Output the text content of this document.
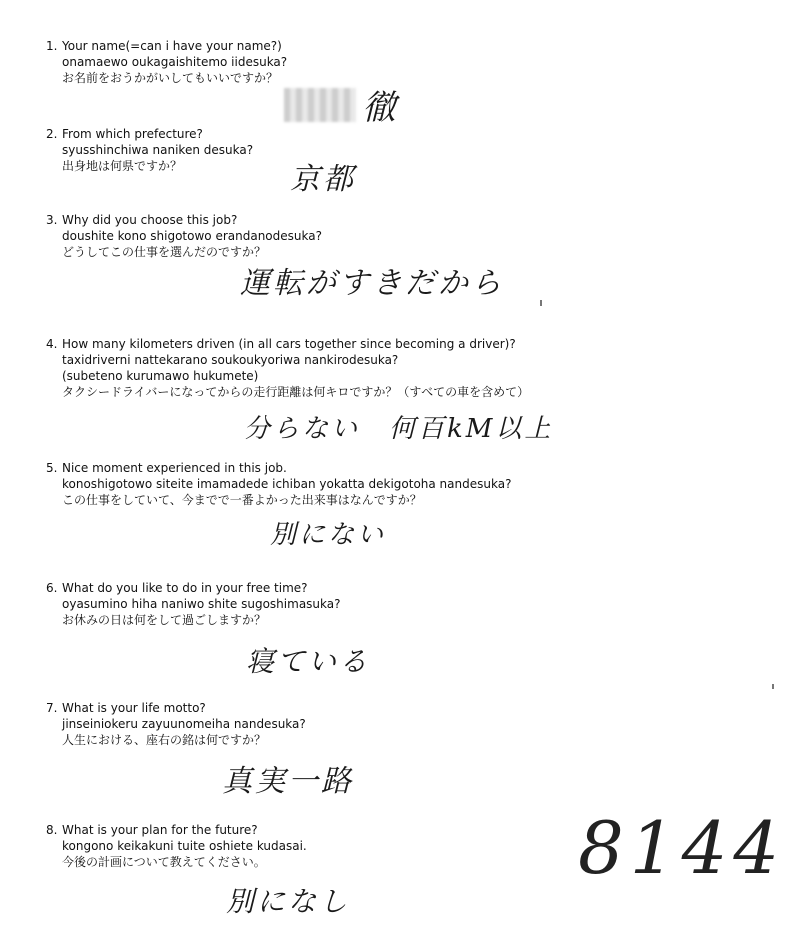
1. Your name(=can i have your name?)
onamaewo oukagaishitemo iidesuka?
お名前をおうかがいしてもいいですか？
徹
2. From which prefecture?
syusshinchiwa naniken desuka?
出身地は何県ですか？	京都
3. Why did you choose this job?
doushite kono shigotowo erandanodesuka?
どうしてこの仕事を選んだのですか？
運転がすきだから
4. How many kilometers driven (in all cars together since becoming a driver)?
taxidriverni nattekarano soukoukyoriwa nankirodesuka?
(subeteno kurumawo hukumete)
タクシードライバーになってからの走行距離は何キロですか？（すべての車を含めて）
分らない　何百kM以上
5. Nice moment experienced in this job.
konoshigotowo siteite imamadede ichiban yokatta dekigotoha nandesuka?
この仕事をしていて、今までで一番よかった出来事はなんですか？
別にない
6. What do you like to do in your free time?
oyasumino hiha naniwo shite sugoshimasuka?
お休みの日は何をして過ごしますか？
寝ている
7. What is your life motto?
jinseiniokeru zayuunomeiha nandesuka?
人生における、座右の銘は何ですか？
真実一路
8. What is your plan for the future?
kongono keikakuni tuite oshiete kudasai.
今後の計画について教えてください。
別になし
8144
